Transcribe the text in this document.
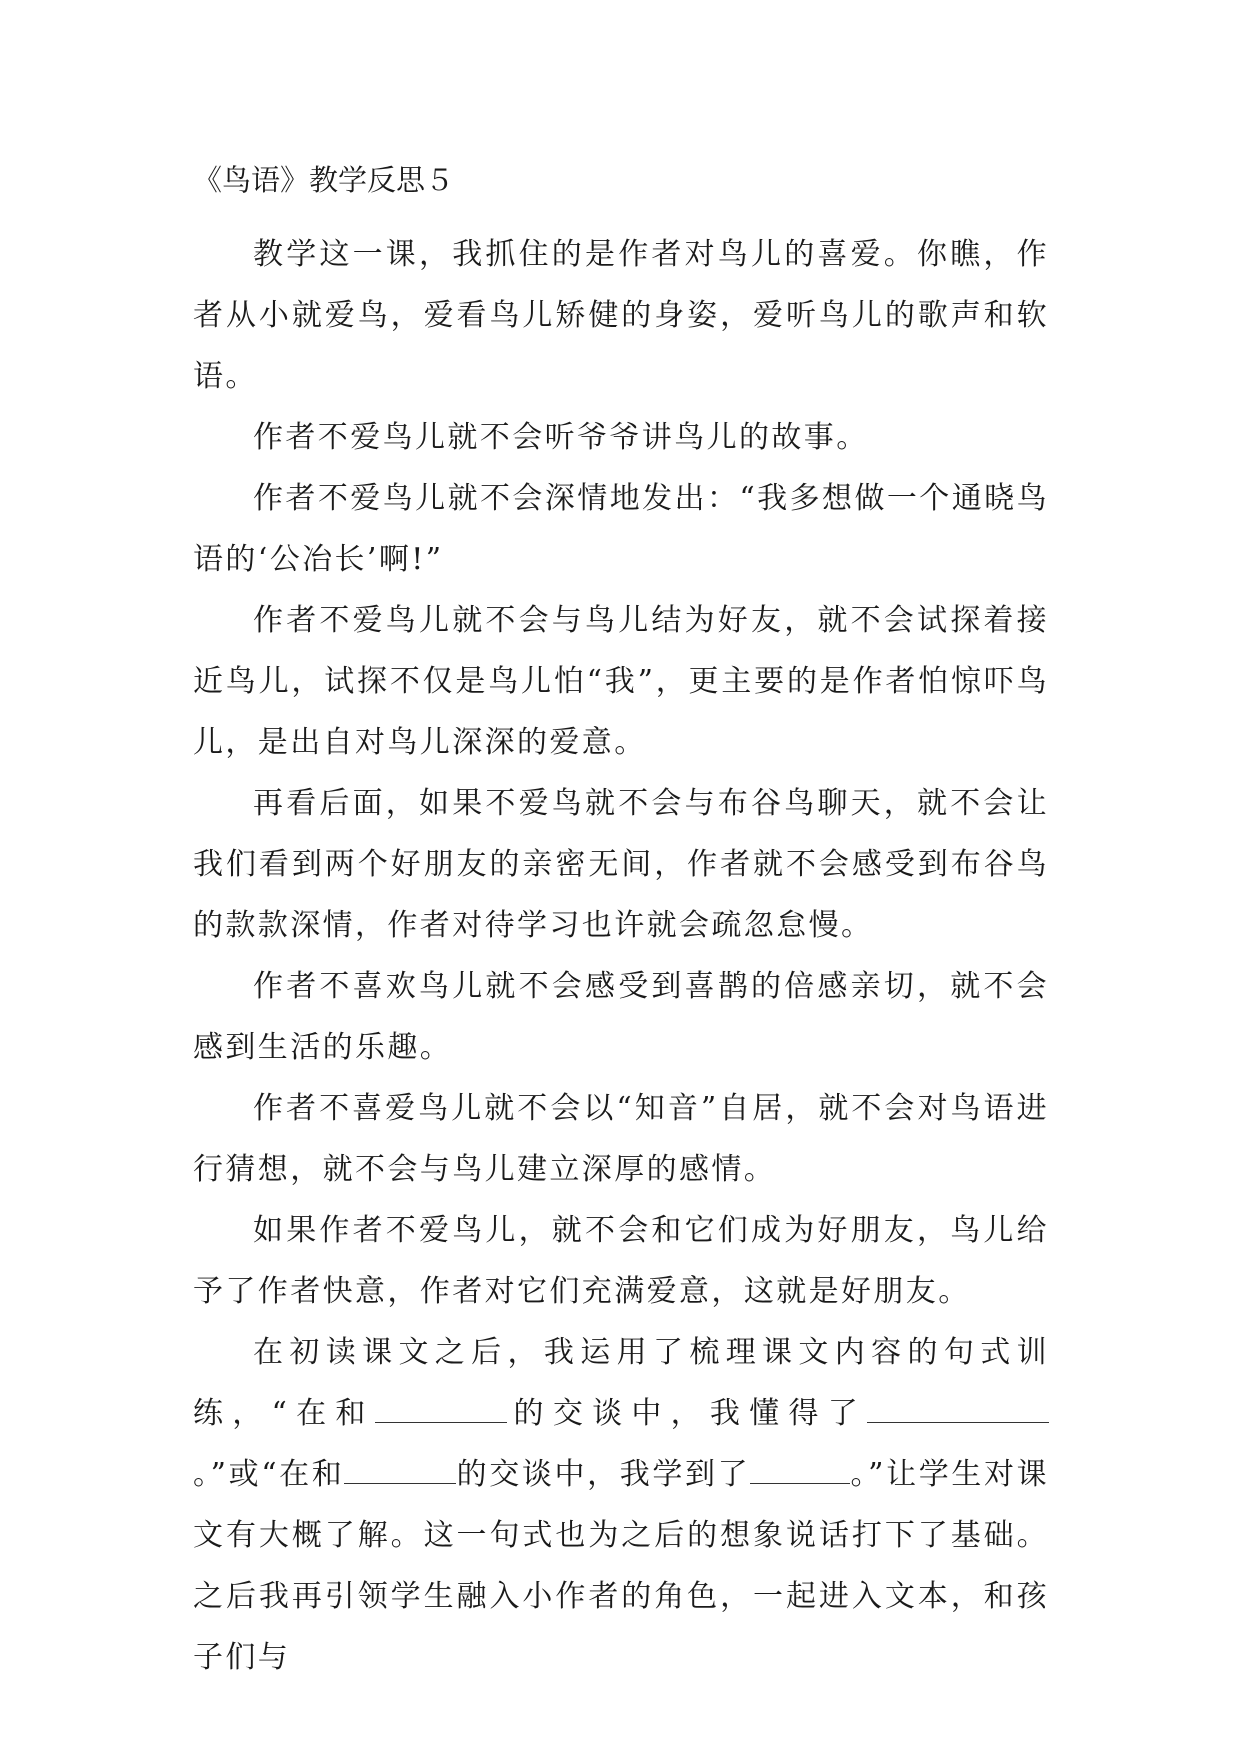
《鸟语》教学反思５

教学这一课，我抓住的是作者对鸟儿的喜爱。你瞧，作者从小就爱鸟，爱看鸟儿矫健的身姿，爱听鸟儿的歌声和软语。

作者不爱鸟儿就不会听爷爷讲鸟儿的故事。

作者不爱鸟儿就不会深情地发出：“我多想做一个通晓鸟语的‘公冶长’啊!”

作者不爱鸟儿就不会与鸟儿结为好友，就不会试探着接近鸟儿，试探不仅是鸟儿怕“我”，更主要的是作者怕惊吓鸟儿，是出自对鸟儿深深的爱意。

再看后面，如果不爱鸟就不会与布谷鸟聊天，就不会让我们看到两个好朋友的亲密无间，作者就不会感受到布谷鸟的款款深情，作者对待学习也许就会疏忽怠慢。

作者不喜欢鸟儿就不会感受到喜鹊的倍感亲切，就不会感到生活的乐趣。

作者不喜爱鸟儿就不会以“知音”自居，就不会对鸟语进行猜想，就不会与鸟儿建立深厚的感情。

如果作者不爱鸟儿，就不会和它们成为好朋友，鸟儿给予了作者快意，作者对它们充满爱意，这就是好朋友。

在初读课文之后，我运用了梳理课文内容的句式训练，“在和	的交谈中，我懂得了。”或“在和	的交谈中，我学到了	。”让学生对课文有大概了解。这一句式也为之后的想象说话打下了基础。之后我再引领学生融入小作者的角色，一起进入文本，和孩子们与
